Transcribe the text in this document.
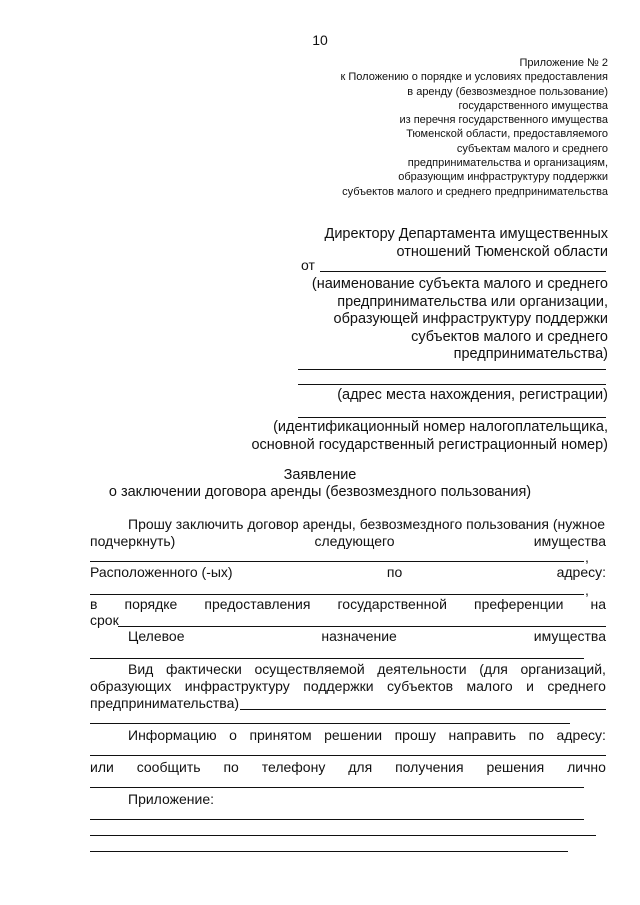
10
Приложение № 2
к Положению о порядке и условиях предоставления
в аренду (безвозмездное пользование)
государственного имущества
из перечня государственного имущества
Тюменской области, предоставляемого
субъектам малого и среднего
предпринимательства и организациям,
образующим инфраструктуру поддержки
субъектов малого и среднего предпринимательства
Директору Департамента имущественных
отношений Тюменской области
от
(наименование субъекта малого и среднего
предпринимательства или организации,
образующей инфраструктуру поддержки
субъектов малого и среднего
предпринимательства)
(адрес места нахождения, регистрации)
(идентификационный номер налогоплательщика,
основной государственный регистрационный номер)
Заявление
о заключении договора аренды (безвозмездного пользования)
Прошу заключить договор аренды, безвозмездного пользования (нужное
подчеркнуть)	следующего	имущества
,
Расположенного (-ых)	по	адресу:
,
в порядке предоставления государственной преференции на
срок
Целевое	назначение	имущества
Вид фактически осуществляемой деятельности (для организаций,
образующих инфраструктуру поддержки субъектов малого и среднего
предпринимательства)
Информацию о принятом решении прошу направить по адресу:
или сообщить по телефону для получения решения лично
Приложение:
